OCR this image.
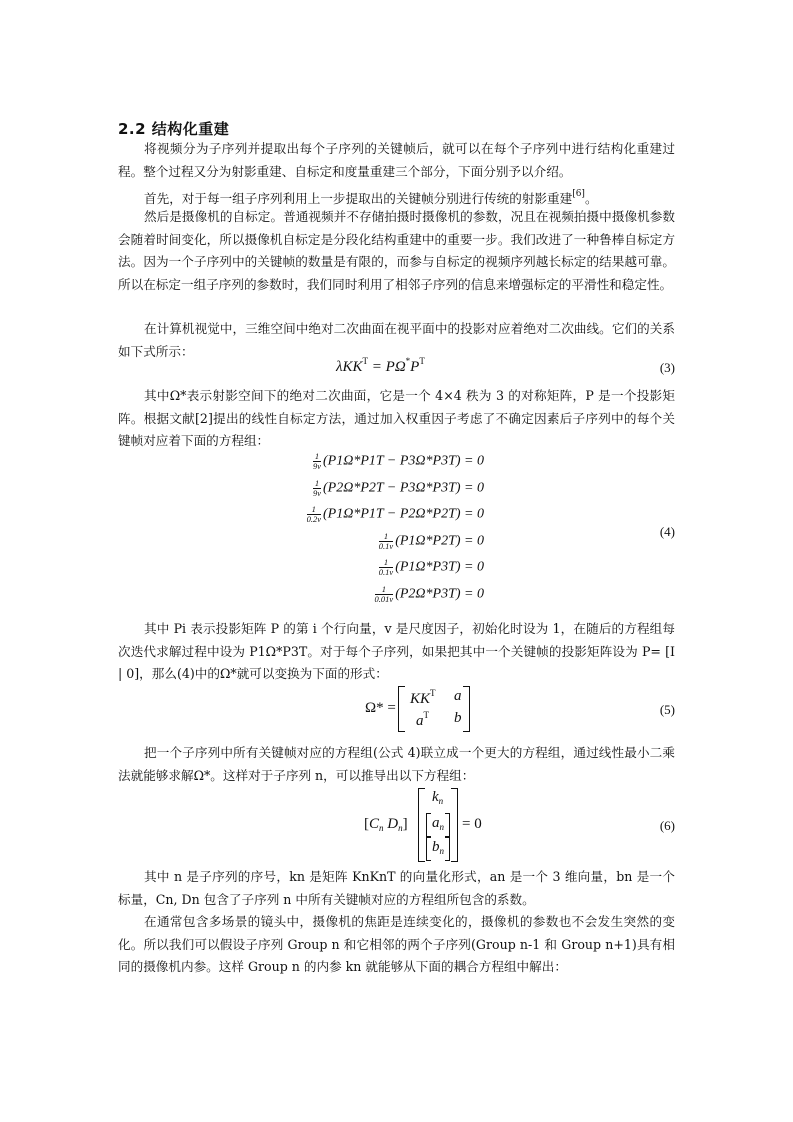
2.2 结构化重建
将视频分为子序列并提取出每个子序列的关键帧后，就可以在每个子序列中进行结构化重建过程。整个过程又分为射影重建、自标定和度量重建三个部分，下面分别予以介绍。
首先，对于每一组子序列利用上一步提取出的关键帧分别进行传统的射影重建[6]。
然后是摄像机的自标定。普通视频并不存储拍摄时摄像机的参数，况且在视频拍摄中摄像机参数会随着时间变化，所以摄像机自标定是分段化结构重建中的重要一步。我们改进了一种鲁棒自标定方法。因为一个子序列中的关键帧的数量是有限的，而参与自标定的视频序列越长标定的结果越可靠。所以在标定一组子序列的参数时，我们同时利用了相邻子序列的信息来增强标定的平滑性和稳定性。
在计算机视觉中，三维空间中绝对二次曲面在视平面中的投影对应着绝对二次曲线。它们的关系如下式所示：
$\lambda KK^T = P\Omega^*P^T$	(3)
其中Ω*表示射影空间下的绝对二次曲面，它是一个 4×4 秩为 3 的对称矩阵，P 是一个投影矩阵。根据文献[2]提出的线性自标定方法，通过加入权重因子考虑了不确定因素后子序列中的每个关键帧对应着下面的方程组：
$\frac{1}{9v} (P1\Omega*P1T - P3\Omega*P3T) = 0$
$\frac{1}{9v} (P2\Omega*P2T - P3\Omega*P3T) = 0$
$\frac{1}{0.2v} (P1\Omega*P1T - P2\Omega*P2T) = 0$
$\frac{1}{0.1v} (P1\Omega*P2T) = 0$
$\frac{1}{0.1v} (P1\Omega*P3T) = 0$
$\frac{1}{0.01v} (P2\Omega*P3T) = 0$
(4)
其中 Pi 表示投影矩阵 P 的第 i 个行向量，v 是尺度因子，初始化时设为 1，在随后的方程组每次迭代求解过程中设为 P1Ω*P3T。对于每个子序列，如果把其中一个关键帧的投影矩阵设为 P= [I | 0]，那么(4)中的Ω*就可以变换为下面的形式：
Ω* =
$KK^T$ a
$a^T$ b
(5)
把一个子序列中所有关键帧对应的方程组(公式 4)联立成一个更大的方程组，通过线性最小二乘法就能够求解Ω*。这样对于子序列 n，可以推导出以下方程组：
[$C_n$ $D_n$]
$k_n$
$a_n$
$b_n$
= 0	(6)
其中 n 是子序列的序号，kn 是矩阵 KnKnT 的向量化形式，an 是一个 3 维向量，bn 是一个标量，Cn, Dn 包含了子序列 n 中所有关键帧对应的方程组所包含的系数。
在通常包含多场景的镜头中，摄像机的焦距是连续变化的，摄像机的参数也不会发生突然的变化。所以我们可以假设子序列 Group n 和它相邻的两个子序列(Group n-1 和 Group n+1)具有相同的摄像机内参。这样 Group n 的内参 kn 就能够从下面的耦合方程组中解出：
